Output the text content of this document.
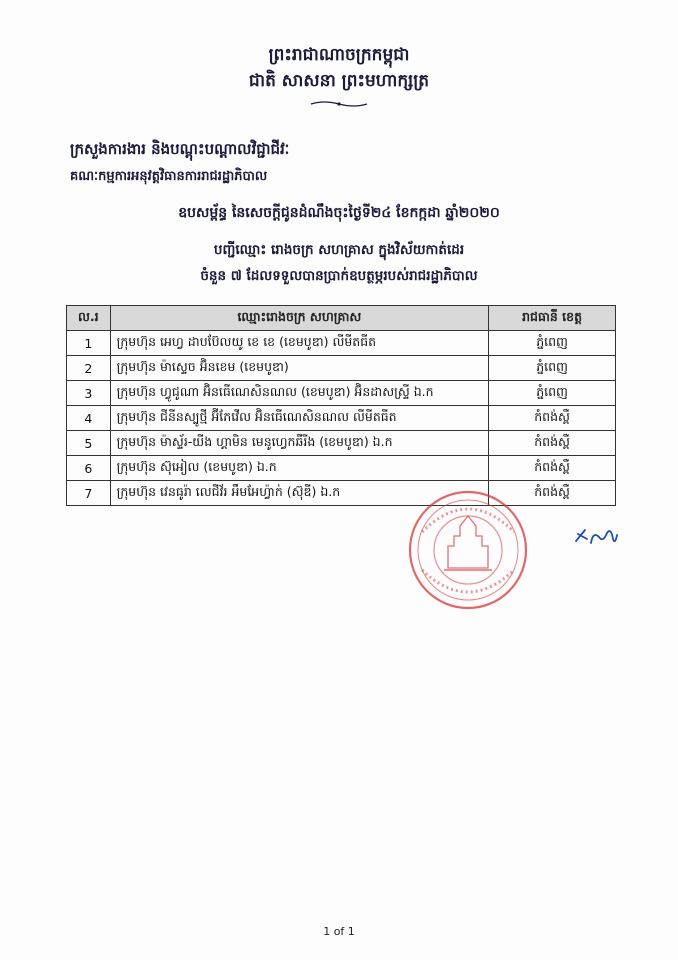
ព្រះរាជាណាចក្រកម្ពុជា
ជាតិ សាសនា ព្រះមហាក្សត្រ
ក្រសួងការងារ និងបណ្តុះបណ្តាលវិជ្ជាជីវៈ
គណៈកម្មការអនុវត្តវិធានការរាជរដ្ឋាភិបាល
ឧបសម្ព័ន្ធ នៃសេចក្តីជូនដំណឹងចុះថ្ងៃទី២៤ ខែកក្កដា ឆ្នាំ២០២០
បញ្ជីឈ្មោះ រោងចក្រ សហគ្រាស ក្នុងវិស័យកាត់ដេរ
ចំនួន ៧ ដែលទទួលបានប្រាក់ឧបត្ថម្ភរបស់រាជរដ្ឋាភិបាល
ល.រ	ឈ្មោះរោងចក្រ សហគ្រាស	រាជធានី ខេត្ត
1	ក្រុមហ៊ុន អេហ្វ ដាបប៊ែលយូ ខេ ខេ (ខេមបូឌា) លីមីតធីត	ភ្នំពេញ
2	ក្រុមហ៊ុន ម៉ាស្ទេច អ៊ិនខេម (ខេមបូឌា)	ភ្នំពេញ
3	ក្រុមហ៊ុន ហ្វូជូណា អ៊ិនធើណេសិនណល (ខេមបូឌា) អ៊ិនដាសស្រ្ទី ឯ.ក	ភ្នំពេញ
4	ក្រុមហ៊ុន ជីនីនស្បូថ្មី អ៊ីភែវើល អ៊ិនធើណេសិនណល លីមីតធីត	កំពង់ស្ពឺ
5	ក្រុមហ៊ុន ម៉ាស្ទ័រ-យីង ហ្គាមិន មេនូហ្វេកឆឺរីង (ខេមបូឌា) ឯ.ក	កំពង់ស្ពឺ
6	ក្រុមហ៊ុន ស៊ុអៀល (ខេមបូឌា) ឯ.ក	កំពង់ស្ពឺ
7	ក្រុមហ៊ុន វេនធូរ៉ា លេជីវ័រ អឹមអែហ្វ៉ាក់ (ស៊ុឌី) ឯ.ក	កំពង់ស្ពឺ
1 of 1
